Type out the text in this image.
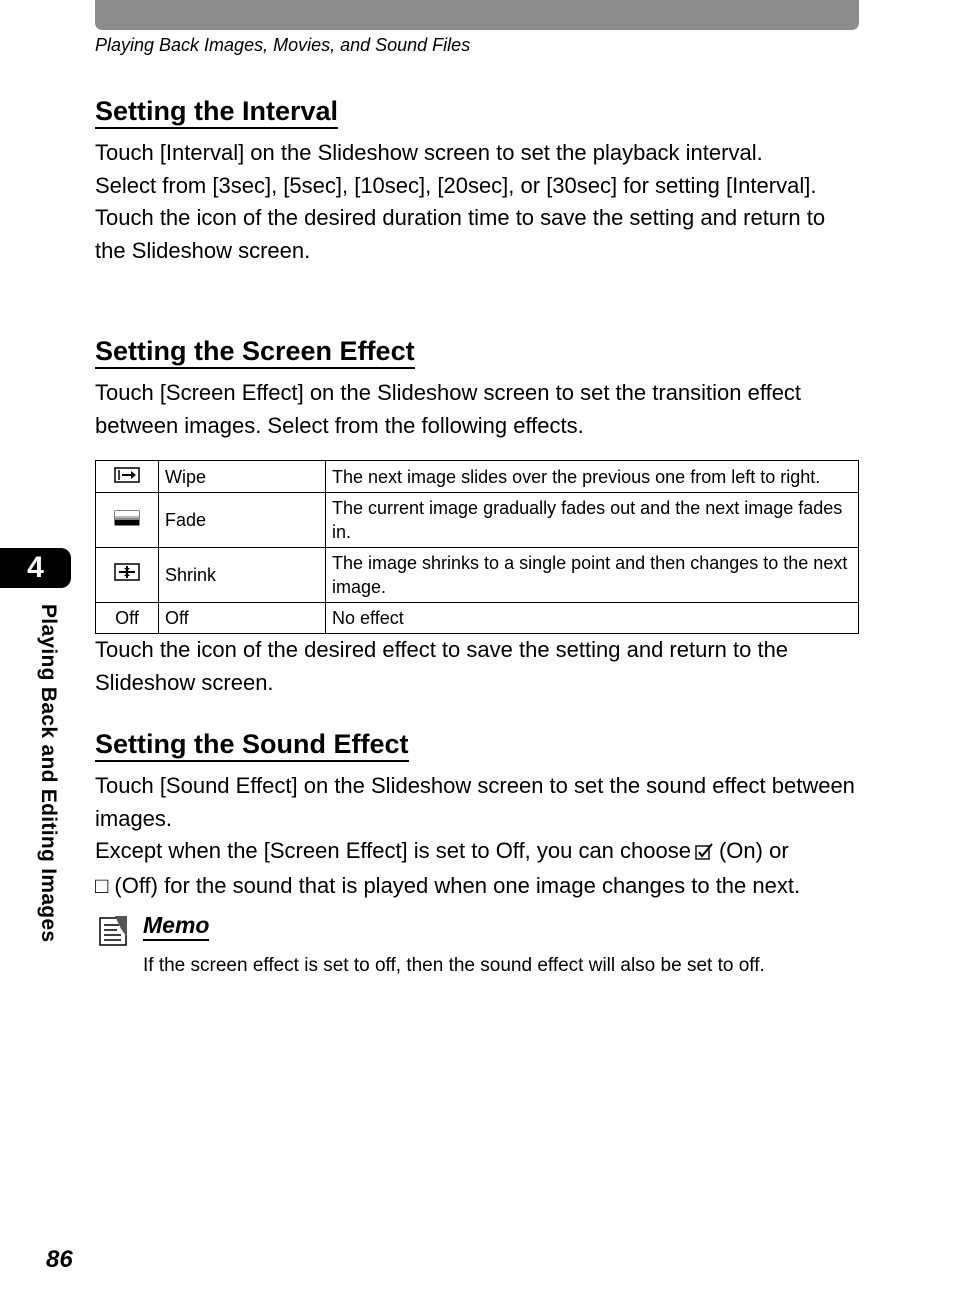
Playing Back Images, Movies, and Sound Files
4
Playing Back and Editing Images
Setting the Interval

Touch [Interval] on the Slideshow screen to set the playback interval.

Select from [3sec], [5sec], [10sec], [20sec], or [30sec] for setting [Interval].

Touch the icon of the desired duration time to save the setting and return to the Slideshow screen.

Setting the Screen Effect

Touch [Screen Effect] on the Slideshow screen to set the transition effect between images. Select from the following effects.

	Wipe	The next image slides over the previous one from left to right.
	Fade	The current image gradually fades out and the next image fades in.
	Shrink	The image shrinks to a single point and then changes to the next image.
Off	Off	No effect

Touch the icon of the desired effect to save the setting and return to the Slideshow screen.

Setting the Sound Effect

Touch [Sound Effect] on the Slideshow screen to set the sound effect between images.

Except when the [Screen Effect] is set to Off, you can choose (On) or
□ (Off) for the sound that is played when one image changes to the next.

Memo
If the screen effect is set to off, then the sound effect will also be set to off.
86
